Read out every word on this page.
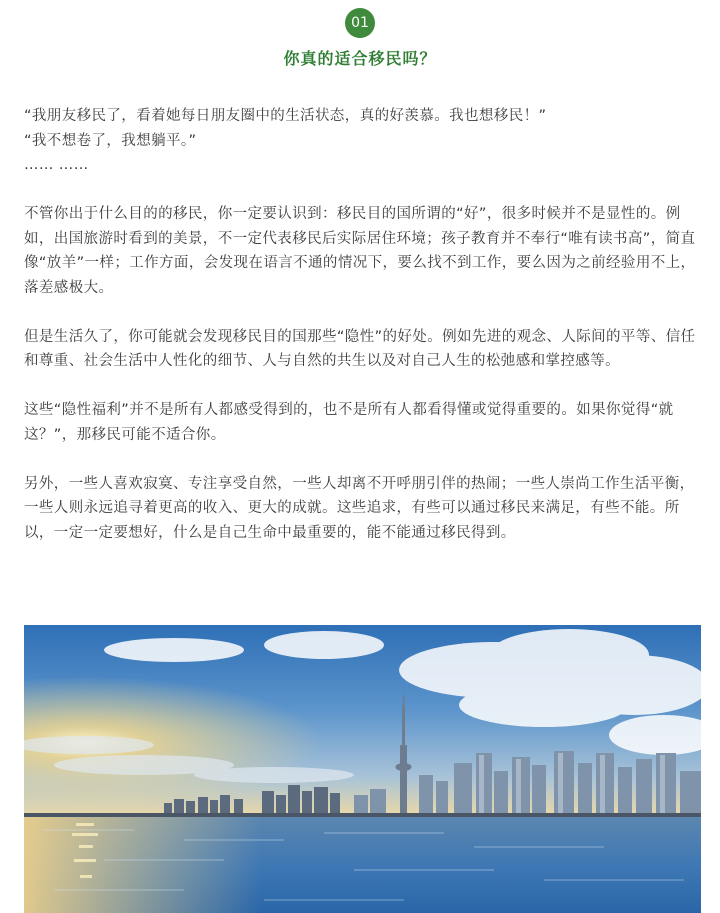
01
你真的适合移民吗？

“我朋友移民了，看着她每日朋友圈中的生活状态，真的好羡慕。我也想移民！”

“我不想卷了，我想躺平。”

…… ……

不管你出于什么目的的移民，你一定要认识到：移民目的国所谓的“好”，很多时候并不是显性的。例如，出国旅游时看到的美景，不一定代表移民后实际居住环境；孩子教育并不奉行“唯有读书高”，简直像“放羊”一样；工作方面，会发现在语言不通的情况下，要么找不到工作，要么因为之前经验用不上，落差感极大。

但是生活久了，你可能就会发现移民目的国那些“隐性”的好处。例如先进的观念、人际间的平等、信任和尊重、社会生活中人性化的细节、人与自然的共生以及对自己人生的松弛感和掌控感等。

这些“隐性福利”并不是所有人都感受得到的，也不是所有人都看得懂或觉得重要的。如果你觉得“就这？”，那移民可能不适合你。

另外，一些人喜欢寂寞、专注享受自然，一些人却离不开呼朋引伴的热闹；一些人崇尚工作生活平衡，一些人则永远追寻着更高的收入、更大的成就。这些追求，有些可以通过移民来满足，有些不能。所以，一定一定要想好，什么是自己生命中最重要的，能不能通过移民得到。
